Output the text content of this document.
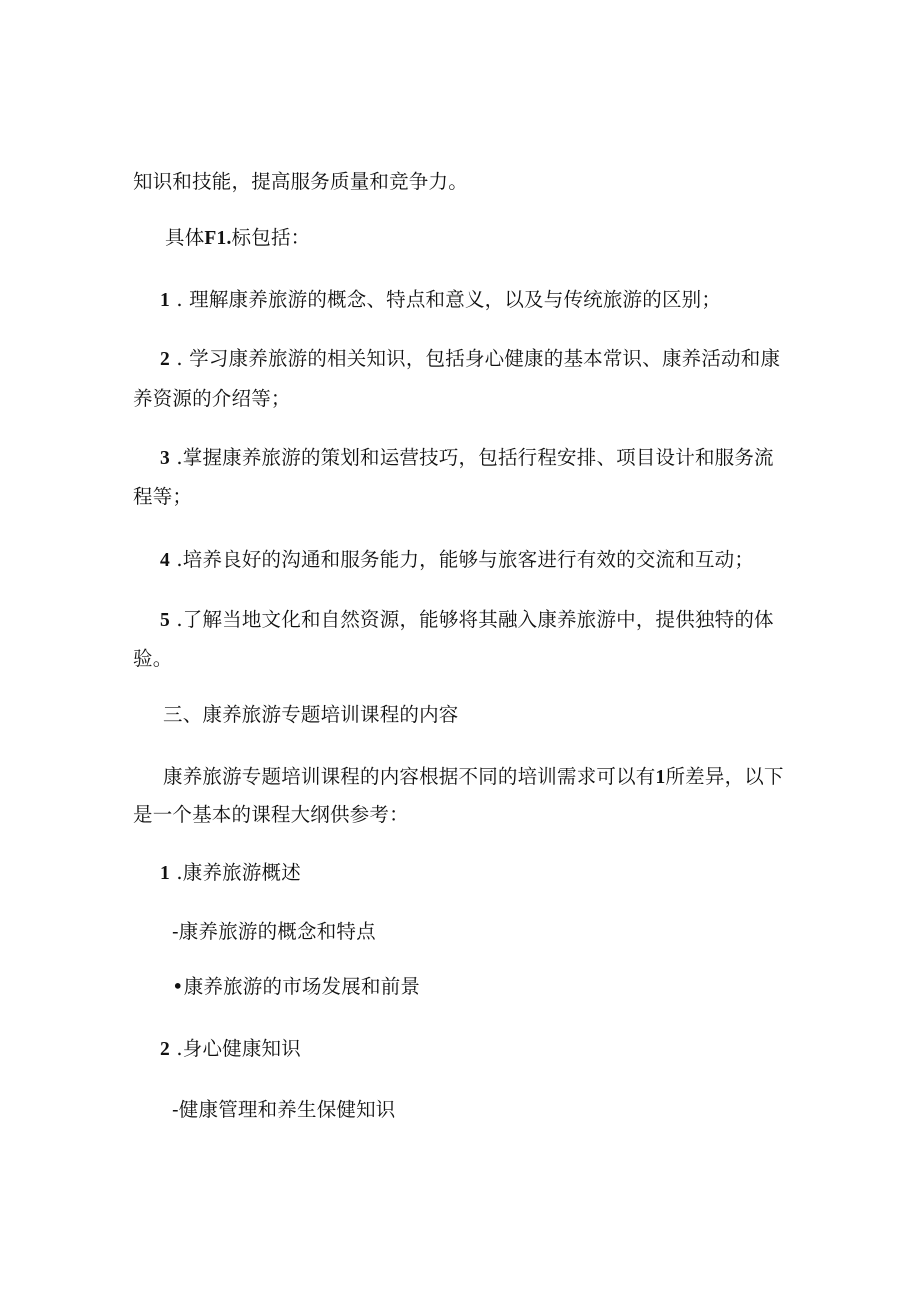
知识和技能，提高服务质量和竞争力。
具体F1.标包括：
1 . 理解康养旅游的概念、特点和意义，以及与传统旅游的区别；
2 . 学习康养旅游的相关知识，包括身心健康的基本常识、康养活动和康
养资源的介绍等；
3 .掌握康养旅游的策划和运营技巧，包括行程安排、项目设计和服务流
程等；
4 .培养良好的沟通和服务能力，能够与旅客进行有效的交流和互动；
5 .了解当地文化和自然资源，能够将其融入康养旅游中，提供独特的体
验。
三、康养旅游专题培训课程的内容
康养旅游专题培训课程的内容根据不同的培训需求可以有1所差异，以下
是一个基本的课程大纲供参考：
1 .康养旅游概述
-康养旅游的概念和特点
•康养旅游的市场发展和前景
2 .身心健康知识
-健康管理和养生保健知识
